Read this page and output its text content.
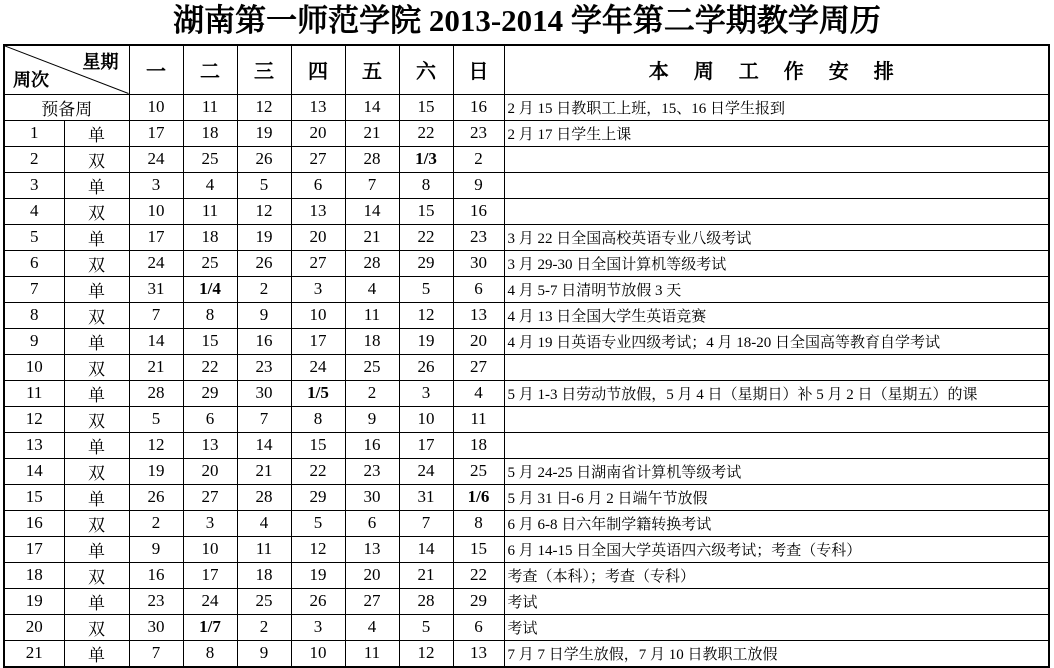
湖南第一师范学院 2013-2014 学年第二学期教学周历
星期
周次		一	二	三	四	五	六	日	本 周 工 作 安 排
预备周		10	11	12	13	14	15	16	2 月 15 日教职工上班，15、16 日学生报到
1	单	17	18	19	20	21	22	23	2 月 17 日学生上课
2	双	24	25	26	27	28	1/3	2	
3	单	3	4	5	6	7	8	9	
4	双	10	11	12	13	14	15	16	
5	单	17	18	19	20	21	22	23	3 月 22 日全国高校英语专业八级考试
6	双	24	25	26	27	28	29	30	3 月 29-30 日全国计算机等级考试
7	单	31	1/4	2	3	4	5	6	4 月 5-7 日清明节放假 3 天
8	双	7	8	9	10	11	12	13	4 月 13 日全国大学生英语竞赛
9	单	14	15	16	17	18	19	20	4 月 19 日英语专业四级考试；4 月 18-20 日全国高等教育自学考试
10	双	21	22	23	24	25	26	27	
11	单	28	29	30	1/5	2	3	4	5 月 1-3 日劳动节放假，5 月 4 日（星期日）补 5 月 2 日（星期五）的课
12	双	5	6	7	8	9	10	11	
13	单	12	13	14	15	16	17	18	
14	双	19	20	21	22	23	24	25	5 月 24-25 日湖南省计算机等级考试
15	单	26	27	28	29	30	31	1/6	5 月 31 日-6 月 2 日端午节放假
16	双	2	3	4	5	6	7	8	6 月 6-8 日六年制学籍转换考试
17	单	9	10	11	12	13	14	15	6 月 14-15 日全国大学英语四六级考试；考查（专科）
18	双	16	17	18	19	20	21	22	考查（本科）；考查（专科）
19	单	23	24	25	26	27	28	29	考试
20	双	30	1/7	2	3	4	5	6	考试
21	单	7	8	9	10	11	12	13	7 月 7 日学生放假，7 月 10 日教职工放假
